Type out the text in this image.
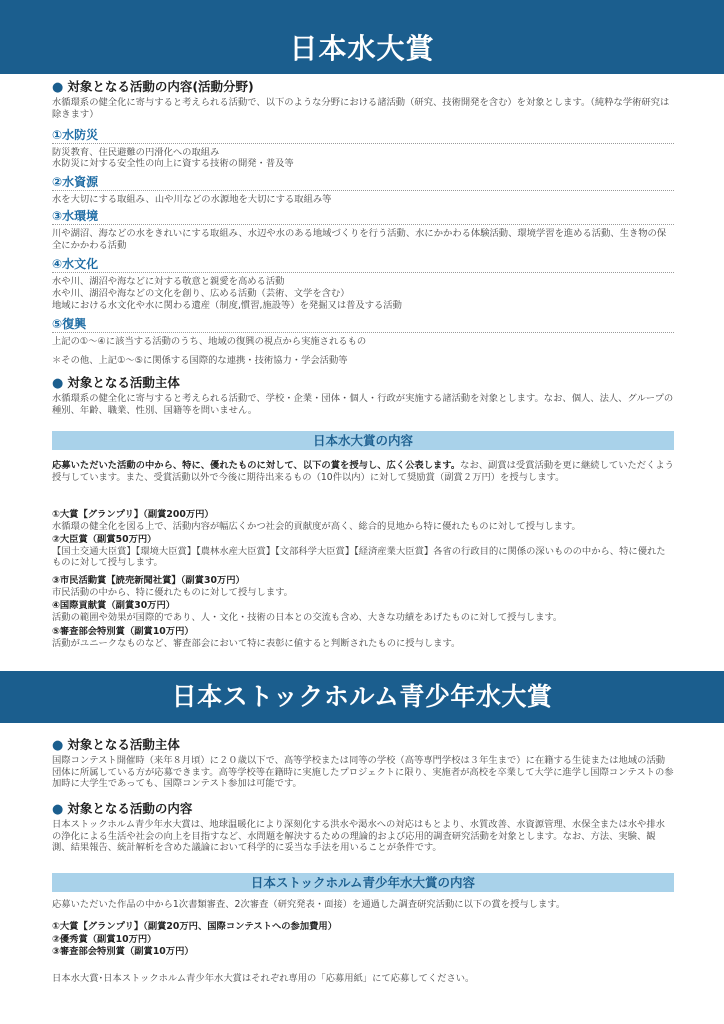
日本水大賞
● 対象となる活動の内容(活動分野)
水循環系の健全化に寄与すると考えられる活動で、以下のような分野における諸活動（研究、技術開発を含む）を対象とします。（純粋な学術研究は除きます）
①水防災
防災教育、住民避難の円滑化への取組み
水防災に対する安全性の向上に資する技術の開発・普及等
②水資源
水を大切にする取組み、山や川などの水源地を大切にする取組み等
③水環境
川や湖沼、海などの水をきれいにする取組み、水辺や水のある地域づくりを行う活動、水にかかわる体験活動、環境学習を進める活動、生き物の保全にかかわる活動
④水文化
水や川、湖沼や海などに対する敬意と親愛を高める活動
水や川、湖沼や海などの文化を創り、広める活動（芸術、文学を含む）
地域における水文化や水に関わる遺産（制度,慣習,施設等）を発掘又は普及する活動
⑤復興
上記の①～④に該当する活動のうち、地域の復興の視点から実施されるもの
＊その他、上記①～⑤に関係する国際的な連携・技術協力・学会活動等
● 対象となる活動主体
水循環系の健全化に寄与すると考えられる活動で、学校・企業・団体・個人・行政が実施する諸活動を対象とします。なお、個人、法人、グループの種別、年齢、職業、性別、国籍等を問いません。
日本水大賞の内容
応募いただいた活動の中から、特に、優れたものに対して、以下の賞を授与し、広く公表します。なお、副賞は受賞活動を更に継続していただくよう授与しています。また、受賞活動以外で今後に期待出来るもの（10件以内）に対して奨励賞（副賞２万円）を授与します。
①大賞【グランプリ】（副賞200万円）
水循環の健全化を図る上で、活動内容が幅広くかつ社会的貢献度が高く、総合的見地から特に優れたものに対して授与します。
②大臣賞（副賞50万円）
【国土交通大臣賞】【環境大臣賞】【農林水産大臣賞】【文部科学大臣賞】【経済産業大臣賞】各省の行政目的に関係の深いものの中から、特に優れたものに対して授与します。
③市民活動賞【読売新聞社賞】（副賞30万円）
市民活動の中から、特に優れたものに対して授与します。
④国際貢献賞（副賞30万円）
活動の範囲や効果が国際的であり、人・文化・技術の日本との交流も含め、大きな功績をあげたものに対して授与します。
⑤審査部会特別賞（副賞10万円）
活動がユニークなものなど、審査部会において特に表彰に値すると判断されたものに授与します。
日本ストックホルム青少年水大賞
● 対象となる活動主体
国際コンテスト開催時（来年８月頃）に２０歳以下で、高等学校または同等の学校（高等専門学校は３年生まで）に在籍する生徒または地域の活動団体に所属している方が応募できます。高等学校等在籍時に実施したプロジェクトに限り、実施者が高校を卒業して大学に進学し国際コンテストの参加時に大学生であっても、国際コンテスト参加は可能です。
● 対象となる活動の内容
日本ストックホルム青少年水大賞は、地球温暖化により深刻化する洪水や渇水への対応はもとより、水質改善、水資源管理、水保全または水や排水の浄化による生活や社会の向上を目指すなど、水問題を解決するための理論的および応用的調査研究活動を対象とします。なお、方法、実験、観測、結果報告、統計解析を含めた議論において科学的に妥当な手法を用いることが条件です。
日本ストックホルム青少年水大賞の内容
応募いただいた作品の中から1次書類審査、2次審査（研究発表・面接）を通過した調査研究活動に以下の賞を授与します。
①大賞【グランプリ】（副賞20万円、国際コンテストへの参加費用）
②優秀賞（副賞10万円）
③審査部会特別賞（副賞10万円）
日本水大賞･日本ストックホルム青少年水大賞はそれぞれ専用の「応募用紙」にて応募してください。
